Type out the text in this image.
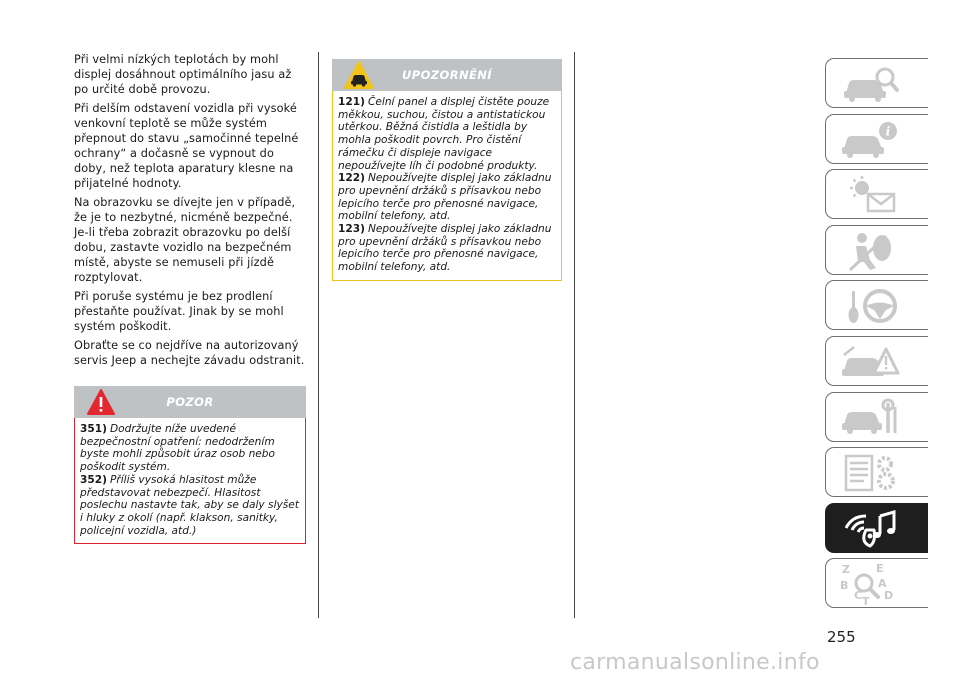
Při velmi nízkých teplotách by mohl displej dosáhnout optimálního jasu až po určité době provozu.

Při delším odstavení vozidla při vysoké venkovní teplotě se může systém přepnout do stavu „samočinné tepelné ochrany“ a dočasně se vypnout do doby, než teplota aparatury klesne na přijatelné hodnoty.

Na obrazovku se dívejte jen v případě, že je to nezbytné, nicméně bezpečné. Je-li třeba zobrazit obrazovku po delší dobu, zastavte vozidlo na bezpečném místě, abyste se nemuseli při jízdě rozptylovat.

Při poruše systému je bez prodlení přestaňte používat. Jinak by se mohl systém poškodit.

Obraťte se co nejdříve na autorizovaný servis Jeep a nechejte závadu odstranit.

POZOR

351) Dodržujte níže uvedené bezpečnostní opatření: nedodržením byste mohli způsobit úraz osob nebo poškodit systém.

352) Příliš vysoká hlasitost může představovat nebezpečí. Hlasitost poslechu nastavte tak, aby se daly slyšet i hluky z okolí (např. klakson, sanitky, policejní vozidla, atd.)

UPOZORNĚNÍ

121) Čelní panel a displej čistěte pouze měkkou, suchou, čistou a antistatickou utěrkou. Běžná čistidla a leštidla by mohla poškodit povrch. Pro čistění rámečku či displeje navigace nepoužívejte líh či podobné produkty.

122) Nepoužívejte displej jako základnu pro upevnění držáků s přísavkou nebo lepicího terče pro přenosné navigace, mobilní telefony, atd.

123) Nepoužívejte displej jako základnu pro upevnění držáků s přísavkou nebo lepicího terče pro přenosné navigace, mobilní telefony, atd.

i
Z E
B	A
C D
T
255
carmanualsonline.info
